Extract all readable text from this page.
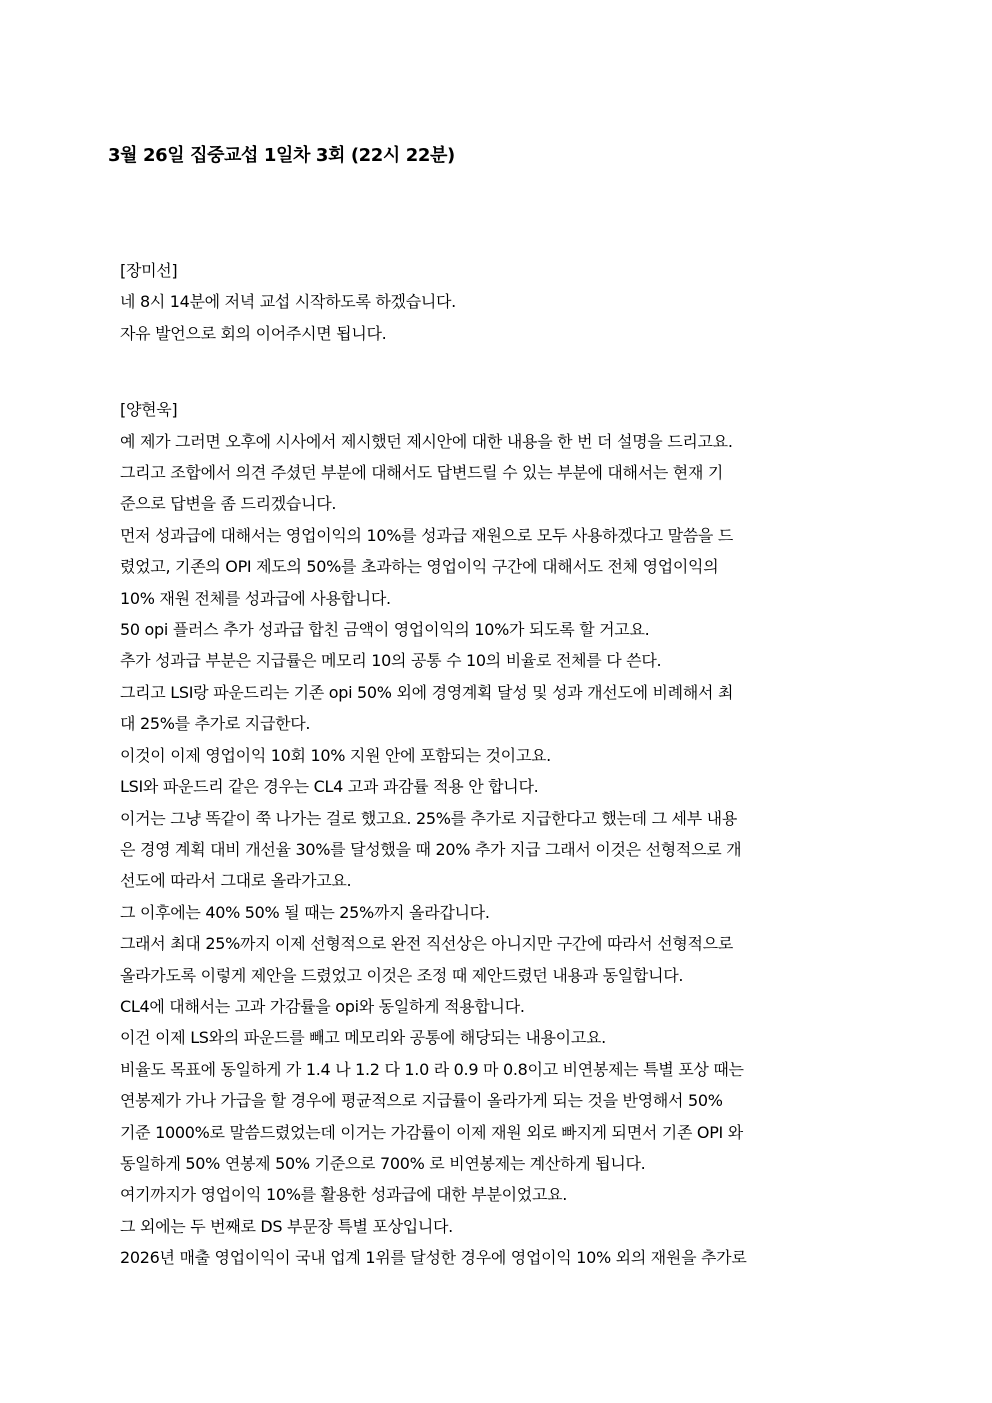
3월 26일 집중교섭 1일차 3회 (22시 22분)
[장미선]
네 8시 14분에 저녁 교섭 시작하도록 하겠습니다.
자유 발언으로 회의 이어주시면 됩니다.
[양현욱]
예 제가 그러면 오후에 시사에서 제시했던 제시안에 대한 내용을 한 번 더 설명을 드리고요.
그리고 조합에서 의견 주셨던 부분에 대해서도 답변드릴 수 있는 부분에 대해서는 현재 기
준으로 답변을 좀 드리겠습니다.
먼저 성과급에 대해서는 영업이익의 10%를 성과급 재원으로 모두 사용하겠다고 말씀을 드
렸었고, 기존의 OPI 제도의 50%를 초과하는 영업이익 구간에 대해서도 전체 영업이익의
10% 재원 전체를 성과급에 사용합니다.
50 opi 플러스 추가 성과급 합친 금액이 영업이익의 10%가 되도록 할 거고요.
추가 성과급 부분은 지급률은 메모리 10의 공통 수 10의 비율로 전체를 다 쓴다.
그리고 LSI랑 파운드리는 기존 opi 50% 외에 경영계획 달성 및 성과 개선도에 비례해서 최
대 25%를 추가로 지급한다.
이것이 이제 영업이익 10회 10% 지원 안에 포함되는 것이고요.
LSI와 파운드리 같은 경우는 CL4 고과 과감률 적용 안 합니다.
이거는 그냥 똑같이 쭉 나가는 걸로 했고요. 25%를 추가로 지급한다고 했는데 그 세부 내용
은 경영 계획 대비 개선율 30%를 달성했을 때 20% 추가 지급 그래서 이것은 선형적으로 개
선도에 따라서 그대로 올라가고요.
그 이후에는 40% 50% 될 때는 25%까지 올라갑니다.
그래서 최대 25%까지 이제 선형적으로 완전 직선상은 아니지만 구간에 따라서 선형적으로
올라가도록 이렇게 제안을 드렸었고 이것은 조정 때 제안드렸던 내용과 동일합니다.
CL4에 대해서는 고과 가감률을 opi와 동일하게 적용합니다.
이건 이제 LS와의 파운드를 빼고 메모리와 공통에 해당되는 내용이고요.
비율도 목표에 동일하게 가 1.4 나 1.2 다 1.0 라 0.9 마 0.8이고 비연봉제는 특별 포상 때는
연봉제가 가나 가급을 할 경우에 평균적으로 지급률이 올라가게 되는 것을 반영해서 50%
기준 1000%로 말씀드렸었는데 이거는 가감률이 이제 재원 외로 빠지게 되면서 기존 OPI 와
동일하게 50% 연봉제 50% 기준으로 700% 로 비연봉제는 계산하게 됩니다.
여기까지가 영업이익 10%를 활용한 성과급에 대한 부분이었고요.
그 외에는 두 번째로 DS 부문장 특별 포상입니다.
2026년 매출 영업이익이 국내 업계 1위를 달성한 경우에 영업이익 10% 외의 재원을 추가로
